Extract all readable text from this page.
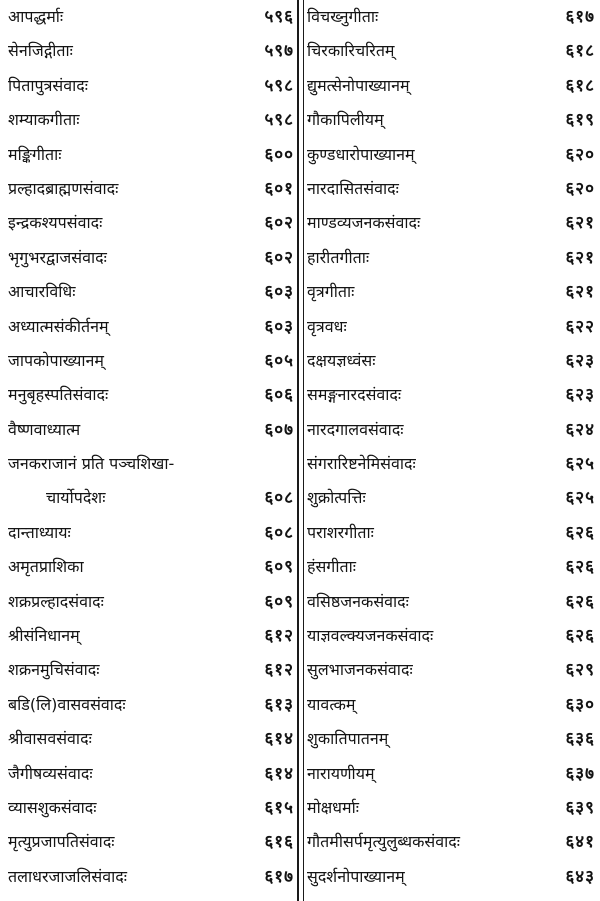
आपद्धर्माः	५९६
सेनजिद्गीताः	५९७
पितापुत्रसंवादः	५९८
शम्याकगीताः	५९८
मङ्किगीताः	६००
प्रल्हादब्राह्मणसंवादः	६०१
इन्द्रकश्यपसंवादः	६०२
भृगुभरद्वाजसंवादः	६०२
आचारविधिः	६०३
अध्यात्मसंकीर्तनम्	६०३
जापकोपाख्यानम्	६०५
मनुबृहस्पतिसंवादः	६०६
वैष्णवाध्यात्म	६०७
जनकराजानं प्रति पञ्चशिखा-
चार्योपदेशः	६०८
दान्ताध्यायः	६०८
अमृतप्राशिका	६०९
शक्रप्रल्हादसंवादः	६०९
श्रीसंनिधानम्	६१२
शक्रनमुचिसंवादः	६१२
बडि(लि)वासवसंवादः	६१३
श्रीवासवसंवादः	६१४
जैगीषव्यसंवादः	६१४
व्यासशुकसंवादः	६१५
मृत्युप्रजापतिसंवादः	६१६
तलाधरजाजलिसंवादः	६१७
विचख्नुगीताः	६१७
चिरकारिचरितम्	६१८
द्युमत्सेनोपाख्यानम्	६१८
गौकापिलीयम्	६१९
कुण्डधारोपाख्यानम्	६२०
नारदासितसंवादः	६२०
माण्डव्यजनकसंवादः	६२१
हारीतगीताः	६२१
वृत्रगीताः	६२१
वृत्रवधः	६२२
दक्षयज्ञध्वंसः	६२३
समङ्गनारदसंवादः	६२३
नारदगालवसंवादः	६२४
संगरारिष्टनेमिसंवादः	६२५
शुक्रोत्पत्तिः	६२५
पराशरगीताः	६२६
हंसगीताः	६२६
वसिष्ठजनकसंवादः	६२६
याज्ञवल्क्यजनकसंवादः	६२६
सुलभाजनकसंवादः	६२९
यावत्कम्	६३०
शुकातिपातनम्	६३६
नारायणीयम्	६३७
मोक्षधर्माः	६३९
गौतमीसर्पमृत्युलुब्धकसंवादः	६४१
सुदर्शनोपाख्यानम्	६४३
